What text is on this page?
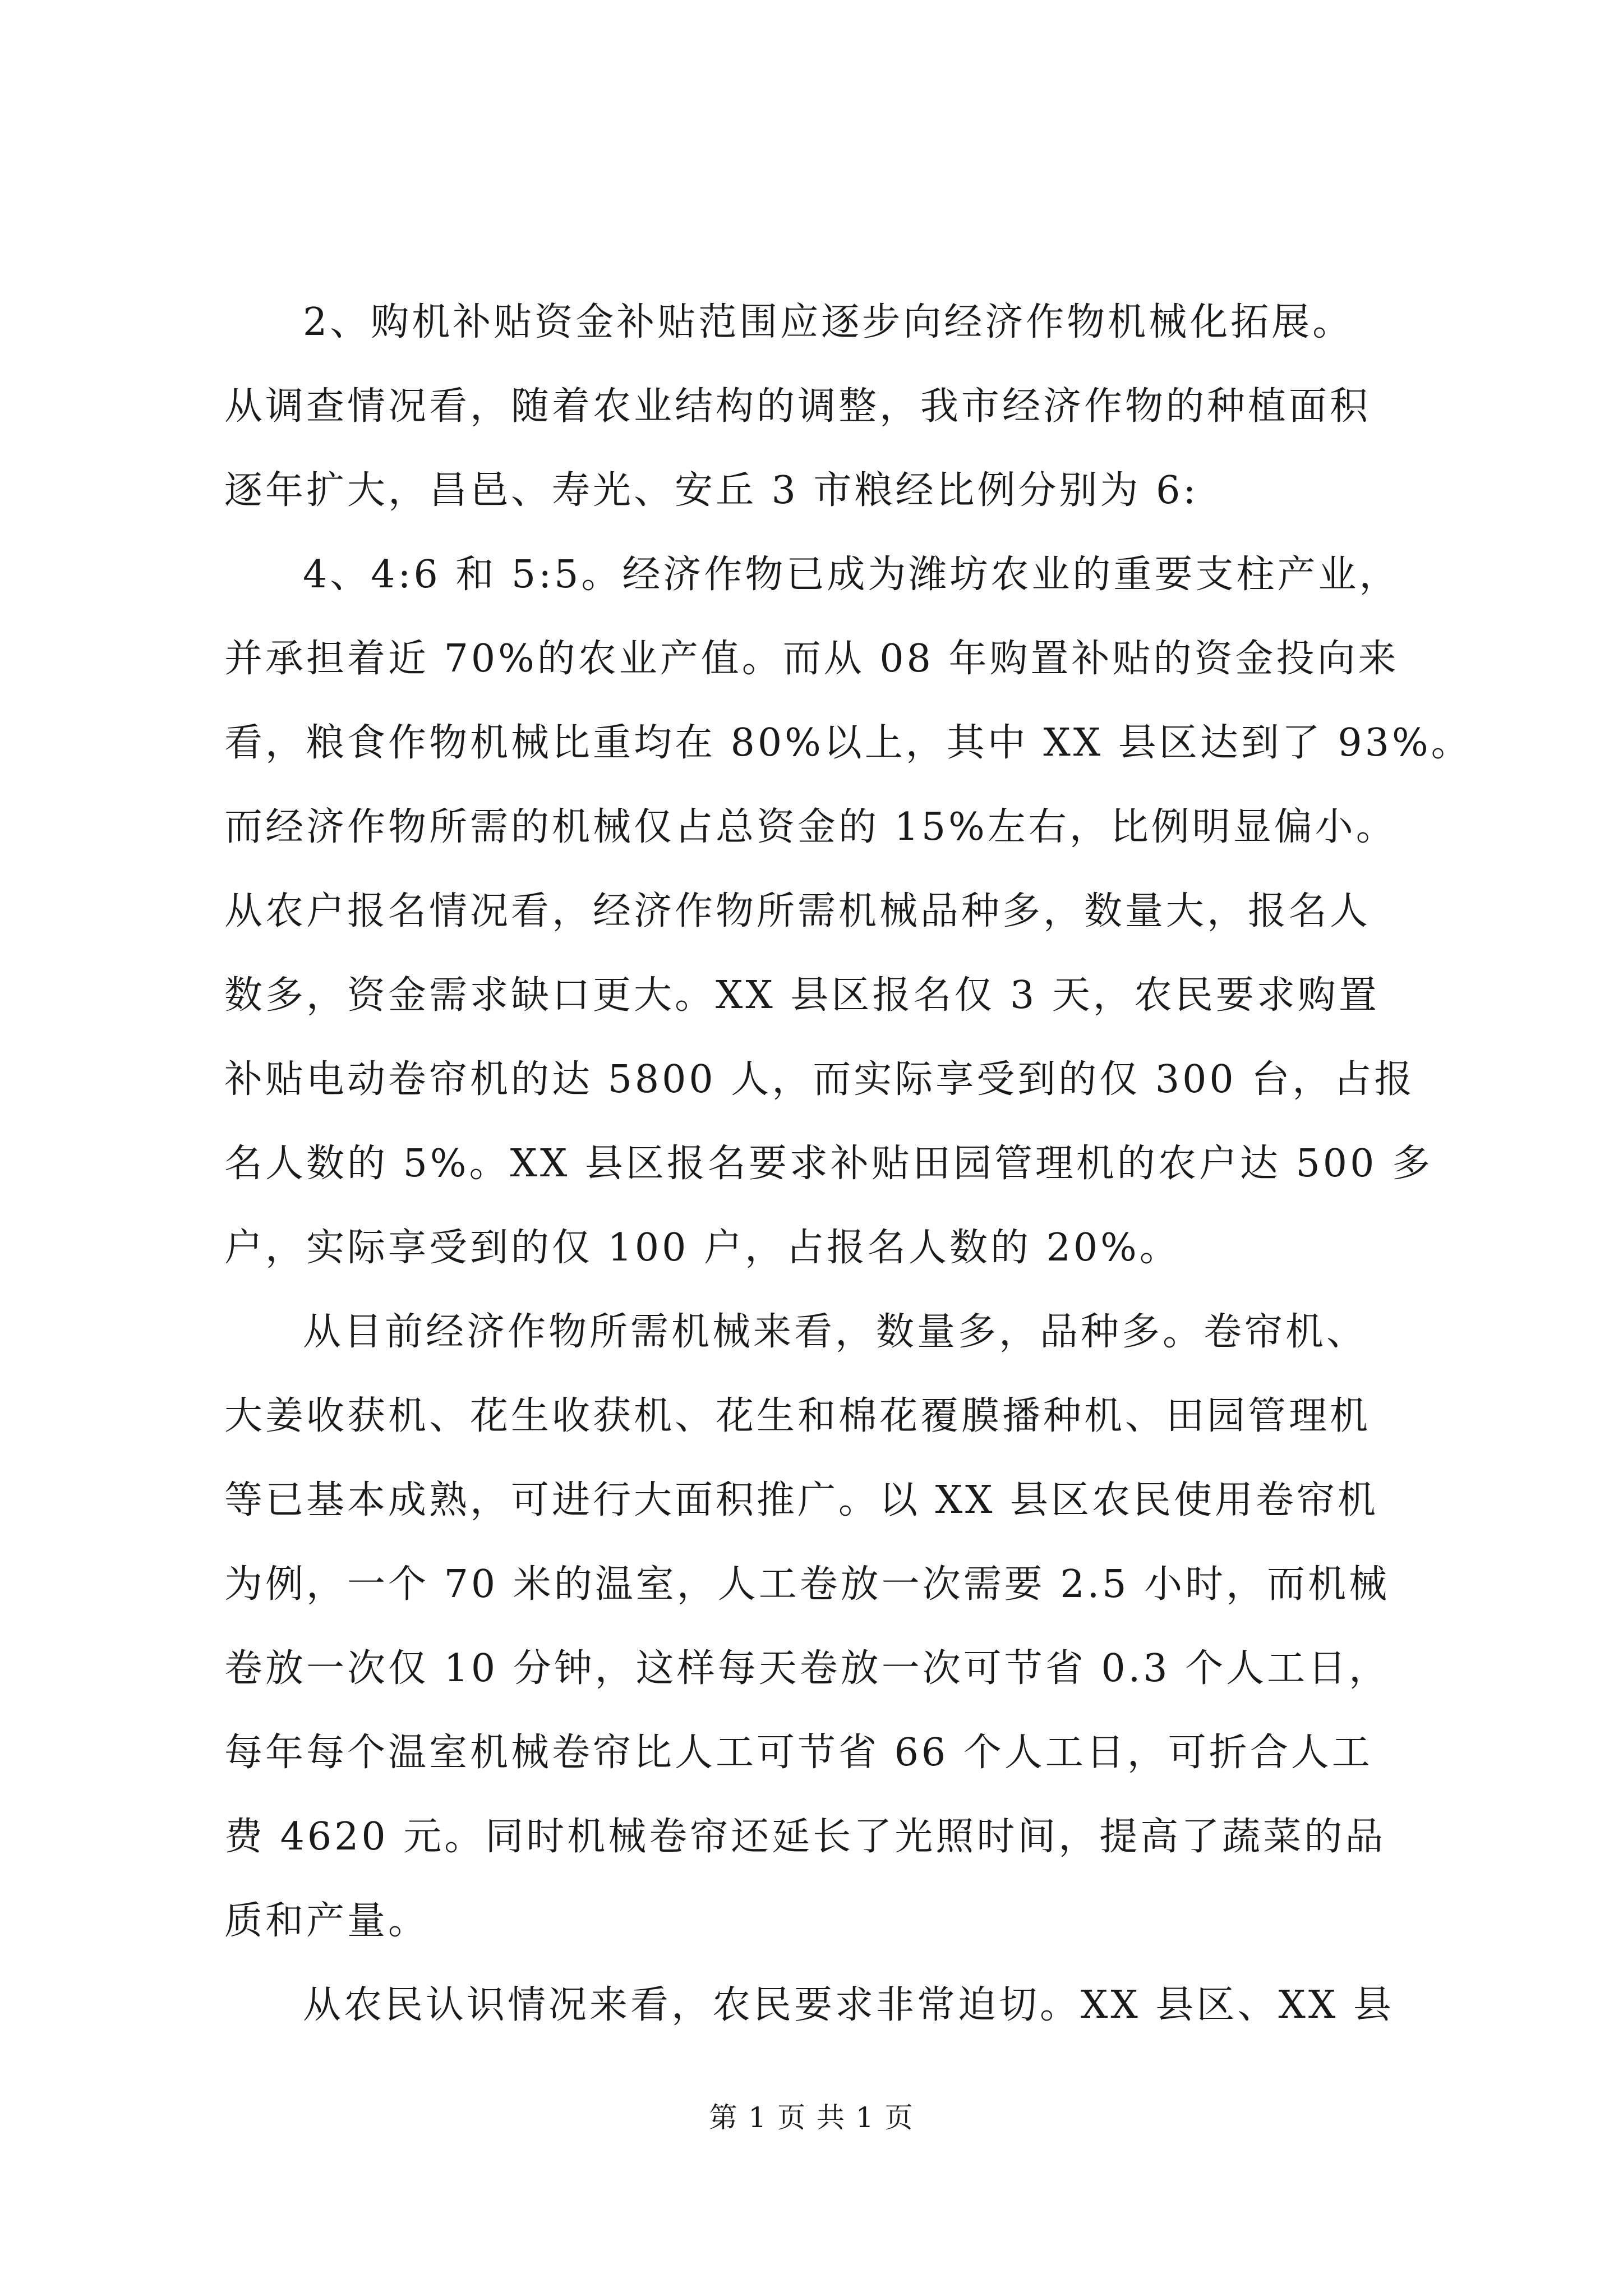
2、购机补贴资金补贴范围应逐步向经济作物机械化拓展。
从调查情况看，随着农业结构的调整，我市经济作物的种植面积
逐年扩大，昌邑、寿光、安丘 3 市粮经比例分别为 6:
4、4:6 和 5:5。经济作物已成为潍坊农业的重要支柱产业，
并承担着近 70%的农业产值。而从 08 年购置补贴的资金投向来
看，粮食作物机械比重均在 80%以上，其中 XX 县区达到了 93%。
而经济作物所需的机械仅占总资金的 15%左右，比例明显偏小。
从农户报名情况看，经济作物所需机械品种多，数量大，报名人
数多，资金需求缺口更大。XX 县区报名仅 3 天，农民要求购置
补贴电动卷帘机的达 5800 人，而实际享受到的仅 300 台，占报
名人数的 5%。XX 县区报名要求补贴田园管理机的农户达 500 多
户，实际享受到的仅 100 户，占报名人数的 20%。
从目前经济作物所需机械来看，数量多，品种多。卷帘机、
大姜收获机、花生收获机、花生和棉花覆膜播种机、田园管理机
等已基本成熟，可进行大面积推广。以 XX 县区农民使用卷帘机
为例，一个 70 米的温室，人工卷放一次需要 2.5 小时，而机械
卷放一次仅 10 分钟，这样每天卷放一次可节省 0.3 个人工日，
每年每个温室机械卷帘比人工可节省 66 个人工日，可折合人工
费 4620 元。同时机械卷帘还延长了光照时间，提高了蔬菜的品
质和产量。
从农民认识情况来看，农民要求非常迫切。XX 县区、XX 县
第 1 页 共 1 页
